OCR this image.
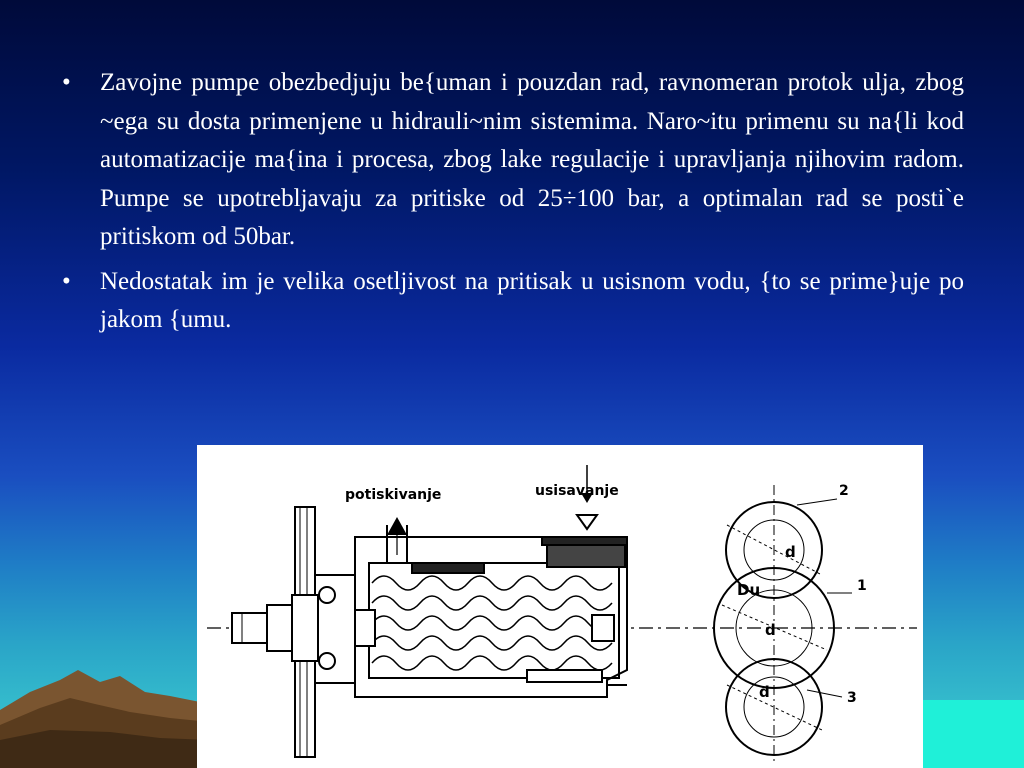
• Zavojne pumpe obezbedjuju be{uman i pouzdan rad, ravnomeran protok ulja, zbog ~ega su dosta primenjene u hidrauli~nim sistemima. Naro~itu primenu su na{li kod automatizacije ma{ina i procesa, zbog lake regulacije i upravljanja njihovim radom. Pumpe se upotrebljavaju za pritiske od 25÷100 bar, a optimalan rad se posti`e pritiskom od 50bar.
• Nedostatak im je velika osetljivost na pritisak u usisnom vodu, {to se prime}uje po jakom {umu.
potiskivanje	usisavanje	2
1
3
d
Du
d
d
